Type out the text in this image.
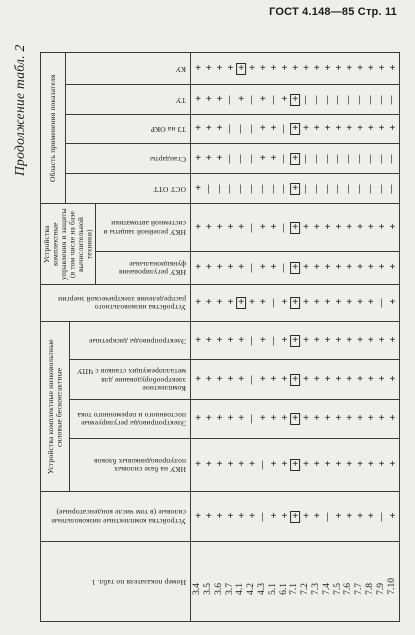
ГОСТ 4.148—85 Стр. 11
Продолжение табл. 2	Область применения показателя
Устройства комплектные управления и защиты (в том числе на базе вычислительной техники)
Устройства комплектные низковольтные силовые бесконтактные
КУ + + + + + + + + + + + + + + + + + + +
ТУ + + + — + — + — + + — — — — — — — — —
ТЗ на ОКР + + + — — — + + — + + + + + + + + + +
Стандарты + + + — — — + + — + — — — — — — — — —
ОСТ ОТТ + — — — — — — — — + — — — — — — — — —
НКУ релейной защиты и системной автоматики + + + + + — + + — + + + + + + + + + +
НКУ регулирования функциональные + + + + + — + + — + + + + + + + + + +
Устройства низковольтного распределения электрической энергии + + + + + + + — + + + + + + + + + — +
Электроприводы дискретные + + + + + — + — + + + + + + + + + + +
Комплектное электрооборудование для металлорежущих станков с ЧПУ
+ + + + + — + + + + + + + + + + + + +
Электроприводы регулируемые постоянного и переменного тока + + + + + — + + + + + + + + + + + + +
НКУ на базе силовых полупроводниковых блоков + + + + + + — + + + + + + + + + + + +
Устройства комплектные низковольтные силовые (в том числе конденсаторные) + + + + + + — + + + + + — + + + + — +
Номер показателя по табл. 1
3.4 3.5 3.6 3.7 4.1 4.2 4.3 5.1 6.1 7.1 7.2 7.3 7.4 7.5 7.6 7.7 7.8 7.9 7.10
